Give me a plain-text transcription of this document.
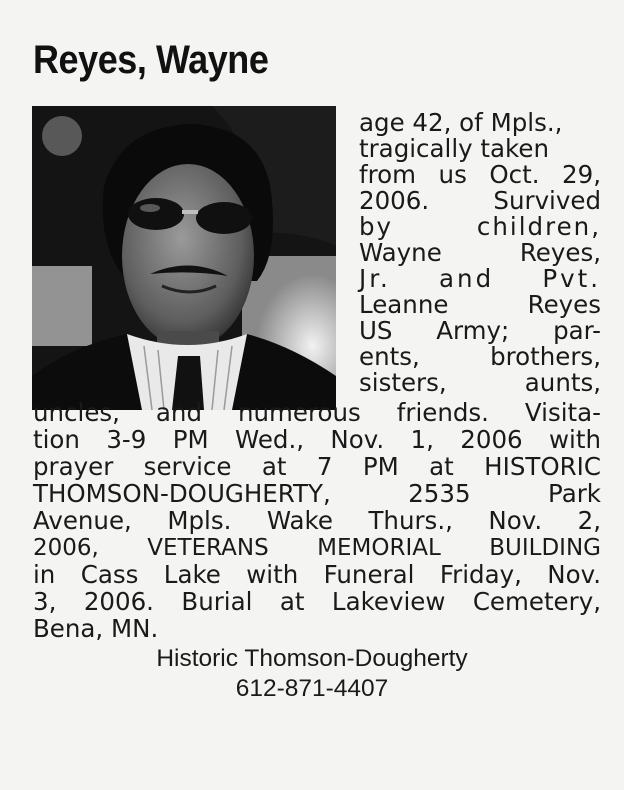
Reyes, Wayne
age 42, of Mpls.,
tragically taken
from us Oct. 29,
2006. Survived
by children,
Wayne Reyes,
Jr. and Pvt.
Leanne Reyes
US Army; par-
ents, brothers,
sisters, aunts,
uncles, and numerous friends. Visita-
tion 3-9 PM Wed., Nov. 1, 2006 with
prayer service at 7 PM at HISTORIC
THOMSON-DOUGHERTY, 2535 Park
Avenue, Mpls. Wake Thurs., Nov. 2,
2006, VETERANS MEMORIAL BUILDING
in Cass Lake with Funeral Friday, Nov.
3, 2006. Burial at Lakeview Cemetery,
Bena, MN.
Historic Thomson-Dougherty
612-871-4407
